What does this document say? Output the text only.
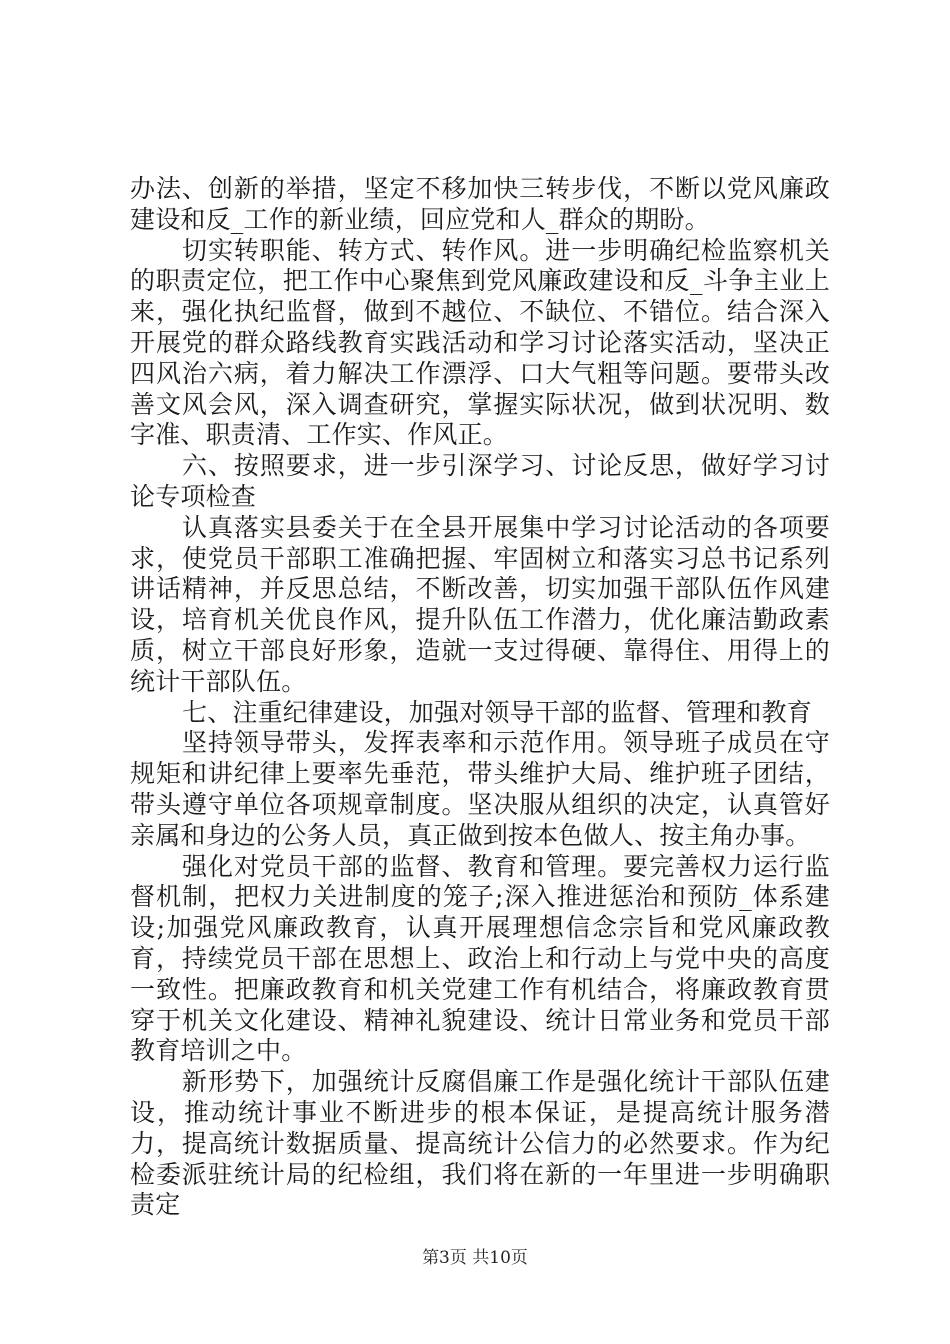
办法、创新的举措，坚定不移加快三转步伐，不断以党风廉政建设和反_工作的新业绩，回应党和人_群众的期盼。

切实转职能、转方式、转作风。进一步明确纪检监察机关的职责定位，把工作中心聚焦到党风廉政建设和反_斗争主业上来，强化执纪监督，做到不越位、不缺位、不错位。结合深入开展党的群众路线教育实践活动和学习讨论落实活动，坚决正四风治六病，着力解决工作漂浮、口大气粗等问题。要带头改善文风会风，深入调查研究，掌握实际状况，做到状况明、数字准、职责清、工作实、作风正。

六、按照要求，进一步引深学习、讨论反思，做好学习讨论专项检查

认真落实县委关于在全县开展集中学习讨论活动的各项要求，使党员干部职工准确把握、牢固树立和落实习总书记系列讲话精神，并反思总结，不断改善，切实加强干部队伍作风建设，培育机关优良作风，提升队伍工作潜力，优化廉洁勤政素质，树立干部良好形象，造就一支过得硬、靠得住、用得上的统计干部队伍。

七、注重纪律建设，加强对领导干部的监督、管理和教育

坚持领导带头，发挥表率和示范作用。领导班子成员在守规矩和讲纪律上要率先垂范，带头维护大局、维护班子团结，带头遵守单位各项规章制度。坚决服从组织的决定，认真管好亲属和身边的公务人员，真正做到按本色做人、按主角办事。

强化对党员干部的监督、教育和管理。要完善权力运行监督机制，把权力关进制度的笼子;深入推进惩治和预防_体系建设;加强党风廉政教育，认真开展理想信念宗旨和党风廉政教育，持续党员干部在思想上、政治上和行动上与党中央的高度一致性。把廉政教育和机关党建工作有机结合，将廉政教育贯穿于机关文化建设、精神礼貌建设、统计日常业务和党员干部教育培训之中。

新形势下，加强统计反腐倡廉工作是强化统计干部队伍建设，推动统计事业不断进步的根本保证，是提高统计服务潜力，提高统计数据质量、提高统计公信力的必然要求。作为纪检委派驻统计局的纪检组，我们将在新的一年里进一步明确职责定

第3页 共10页
